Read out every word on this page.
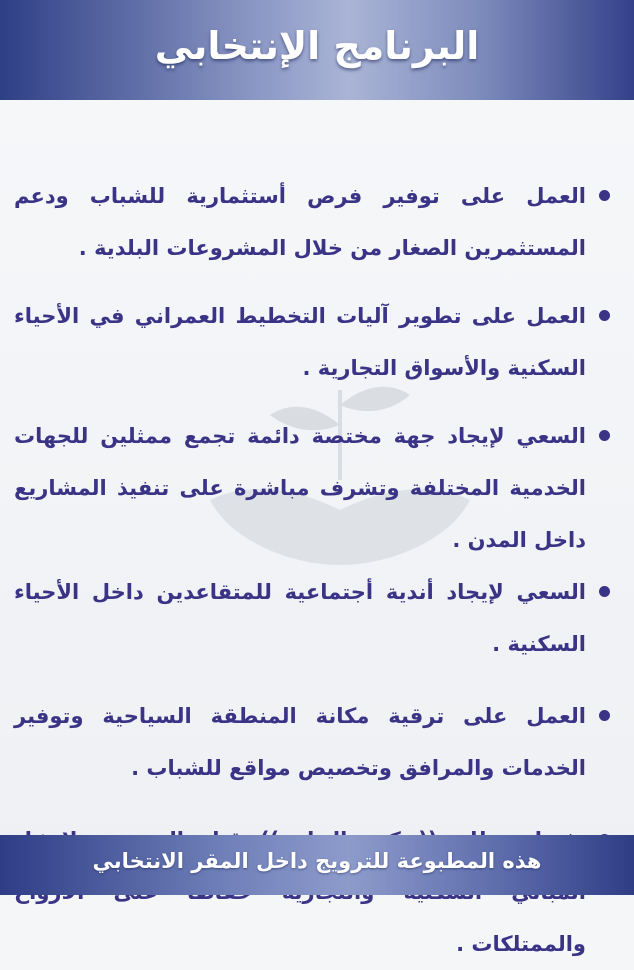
البرنامج الإنتخابي
العمل على توفير فرص أستثمارية للشباب ودعم المستثمرين الصغار من خلال المشروعات البلدية .
العمل على تطوير آليات التخطيط العمراني في الأحياء السكنية والأسواق التجارية .
السعي لإيجاد جهة مختصة دائمة تجمع ممثلين للجهات الخدمية المختلفة وتشرف مباشرة على تنفيذ المشاريع داخل المدن .
السعي لإيجاد أندية أجتماعية للمتقاعدين داخل الأحياء السكنية .
العمل على ترقية مكانة المنطقة السياحية وتوفير الخدمات والمرافق وتخصيص مواقع للشباب .
والممتلكات .
هذه المطبوعة للترويج داخل المقر الانتخابي
